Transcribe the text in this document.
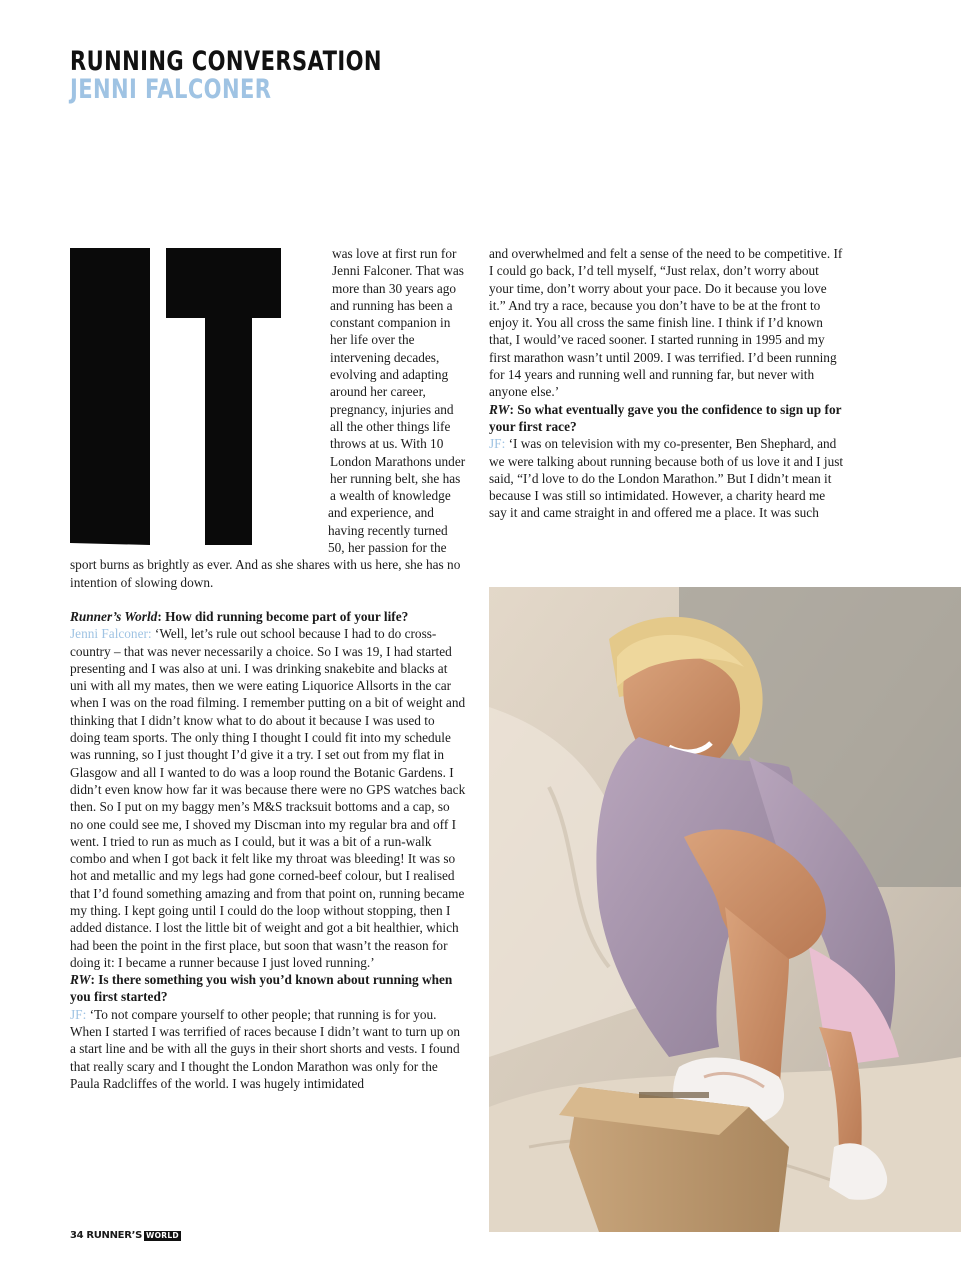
RUNNING CONVERSATION
JENNI FALCONER

was love at first run for Jenni Falconer. That was more than 30 years ago and running has been a constant companion in her life over the intervening decades, evolving and adapting around her career, pregnancy, injuries and all the other things life throws at us. With 10 London Marathons under her running belt, she has a wealth of knowledge and experience, and having recently turned 50, her passion for the sport burns as brightly as ever. And as she shares with us here, she has no intention of slowing down.

Runner’s World: How did running become part of your life?

Jenni Falconer: ‘Well, let’s rule out school because I had to do cross-country – that was never necessarily a choice. So I was 19, I had started presenting and I was also at uni. I was drinking snakebite and blacks at uni with all my mates, then we were eating Liquorice Allsorts in the car when I was on the road filming. I remember putting on a bit of weight and thinking that I didn’t know what to do about it because I was used to doing team sports. The only thing I thought I could fit into my schedule was running, so I just thought I’d give it a try. I set out from my flat in Glasgow and all I wanted to do was a loop round the Botanic Gardens. I didn’t even know how far it was because there were no GPS watches back then. So I put on my baggy men’s M&S tracksuit bottoms and a cap, so no one could see me, I shoved my Discman into my regular bra and off I went. I tried to run as much as I could, but it was a bit of a run-walk combo and when I got back it felt like my throat was bleeding! It was so hot and metallic and my legs had gone corned-beef colour, but I realised that I’d found something amazing and from that point on, running became my thing. I kept going until I could do the loop without stopping, then I added distance. I lost the little bit of weight and got a bit healthier, which had been the point in the first place, but soon that wasn’t the reason for doing it: I became a runner because I just loved running.’

RW: Is there something you wish you’d known about running when you first started?

JF: ‘To not compare yourself to other people; that running is for you. When I started I was terrified of races because I didn’t want to turn up on a start line and be with all the guys in their short shorts and vests. I found that really scary and I thought the London Marathon was only for the Paula Radcliffes of the world. I was hugely intimidated

and overwhelmed and felt a sense of the need to be competitive. If I could go back, I’d tell myself, “Just relax, don’t worry about your time, don’t worry about your pace. Do it because you love it.” And try a race, because you don’t have to be at the front to enjoy it. You all cross the same finish line. I think if I’d known that, I would’ve raced sooner. I started running in 1995 and my first marathon wasn’t until 2009. I was terrified. I’d been running for 14 years and running well and running far, but never with anyone else.’

RW: So what eventually gave you the confidence to sign up for your first race?

JF: ‘I was on television with my co-presenter, Ben Shephard, and we were talking about running because both of us love it and I just said, “I’d love to do the London Marathon.” But I didn’t mean it because I was still so intimidated. However, a charity heard me say it and came straight in and offered me a place. It was such

34 RUNNER’S WORLD
